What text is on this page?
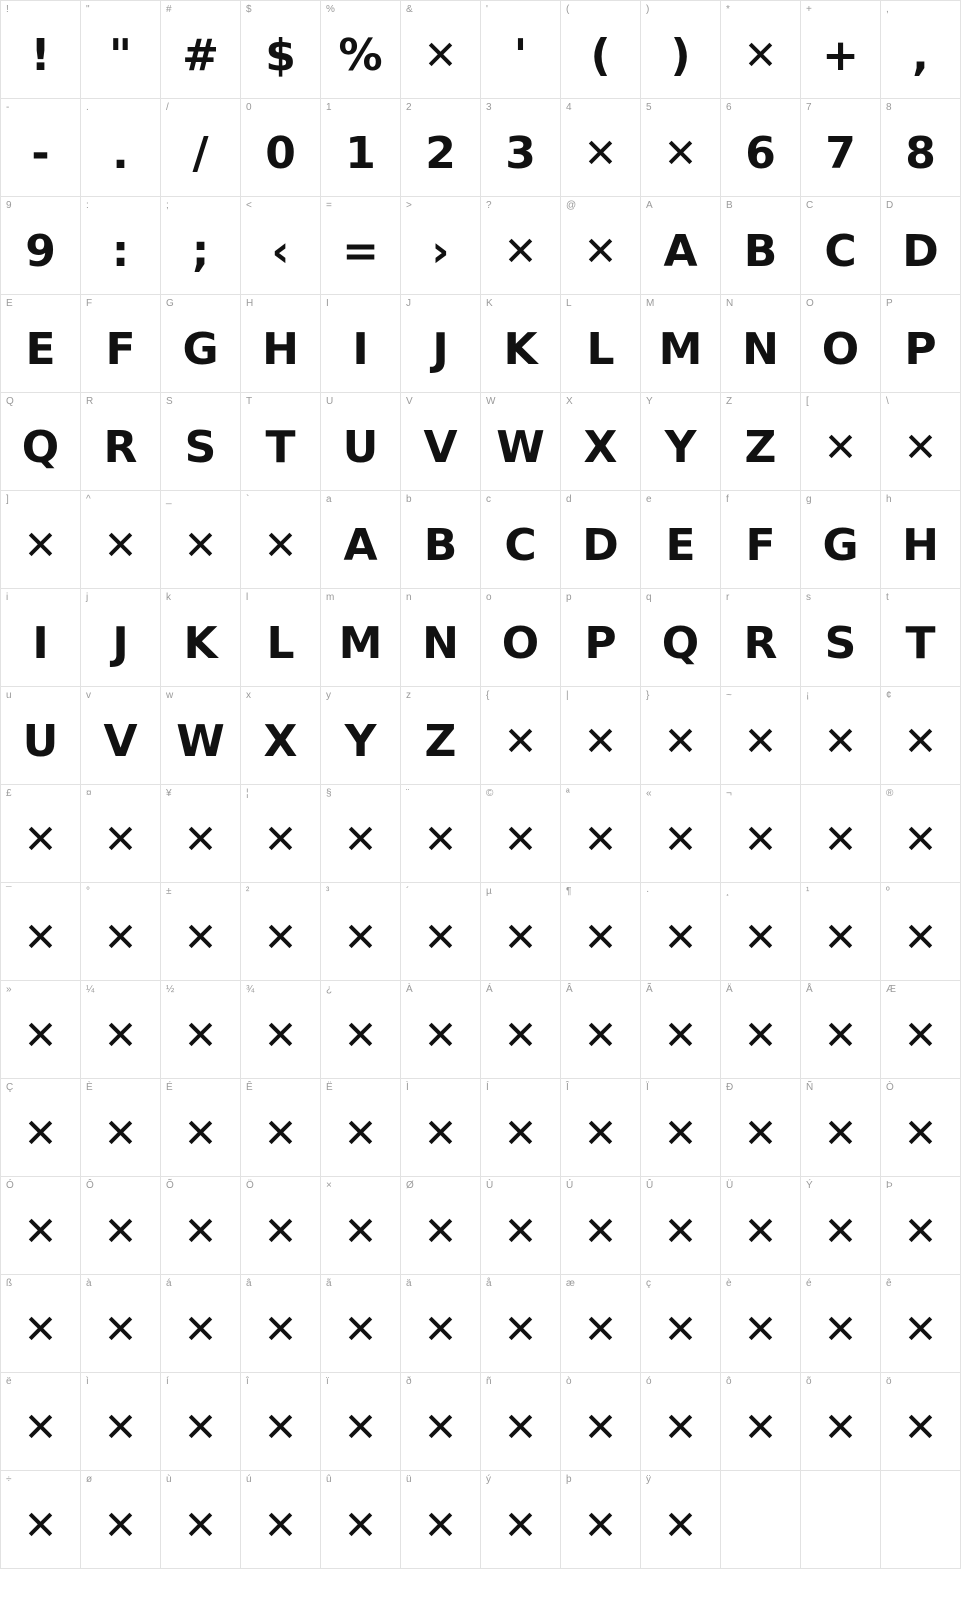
!
!
"
"
#
#
$
$
%
%
&
✕
'
'
(
(
)
)
*
✕
+
+
,
,
-
-
.
.
/
/
0
0
1
1
2
2
3
3
4
✕
5
✕
6
6
7
7
8
8
9
9
:
:
;
;
<
‹
=
=
>
›
?
✕
@
✕
A
A
B
B
C
C
D
D
E
E
F
F
G
G
H
H
I
I
J
J
K
K
L
L
M
M
N
N
O
O
P
P
Q
Q
R
R
S
S
T
T
U
U
V
V
W
W
X
X
Y
Y
Z
Z
[
✕
\
✕
]
✕
^
✕
_
✕
`
✕
a
A
b
B
c
C
d
D
e
E
f
F
g
G
h
H
i
I
j
J
k
K
l
L
m
M
n
N
o
O
p
P
q
Q
r
R
s
S
t
T
u
U
v
V
w
W
x
X
y
Y
z
Z
{
✕
|
✕
}
✕
~
✕
¡
✕
¢
✕
£
✕
¤
✕
¥
✕
¦
✕
§
✕
¨
✕
©
✕
ª
✕
«
✕
¬
✕	✕
®
✕
¯
✕
°
✕
±
✕
²
✕
³
✕
´
✕
µ
✕
¶
✕
·
✕
¸
✕
¹
✕
º
✕
»
✕
¼
✕
½
✕
¾
✕
¿
✕
À
✕
Á
✕
Â
✕
Ã
✕
Ä
✕
Å
✕
Æ
✕
Ç
✕
È
✕
É
✕
Ê
✕
Ë
✕
Ì
✕
Í
✕
Î
✕
Ï
✕
Ð
✕
Ñ
✕
Ò
✕
Ó
✕
Ô
✕
Õ
✕
Ö
✕
×
✕
Ø
✕
Ù
✕
Ú
✕
Û
✕
Ü
✕
Ý
✕
Þ
✕
ß
✕
à
✕
á
✕
â
✕
ã
✕
ä
✕
å
✕
æ
✕
ç
✕
è
✕
é
✕
ê
✕
ë
✕
ì
✕
í
✕
î
✕
ï
✕
ð
✕
ñ
✕
ò
✕
ó
✕
ô
✕
õ
✕
ö
✕
÷
✕
ø
✕
ù
✕
ú
✕
û
✕
ü
✕
ý
✕
þ
✕
ÿ
✕
